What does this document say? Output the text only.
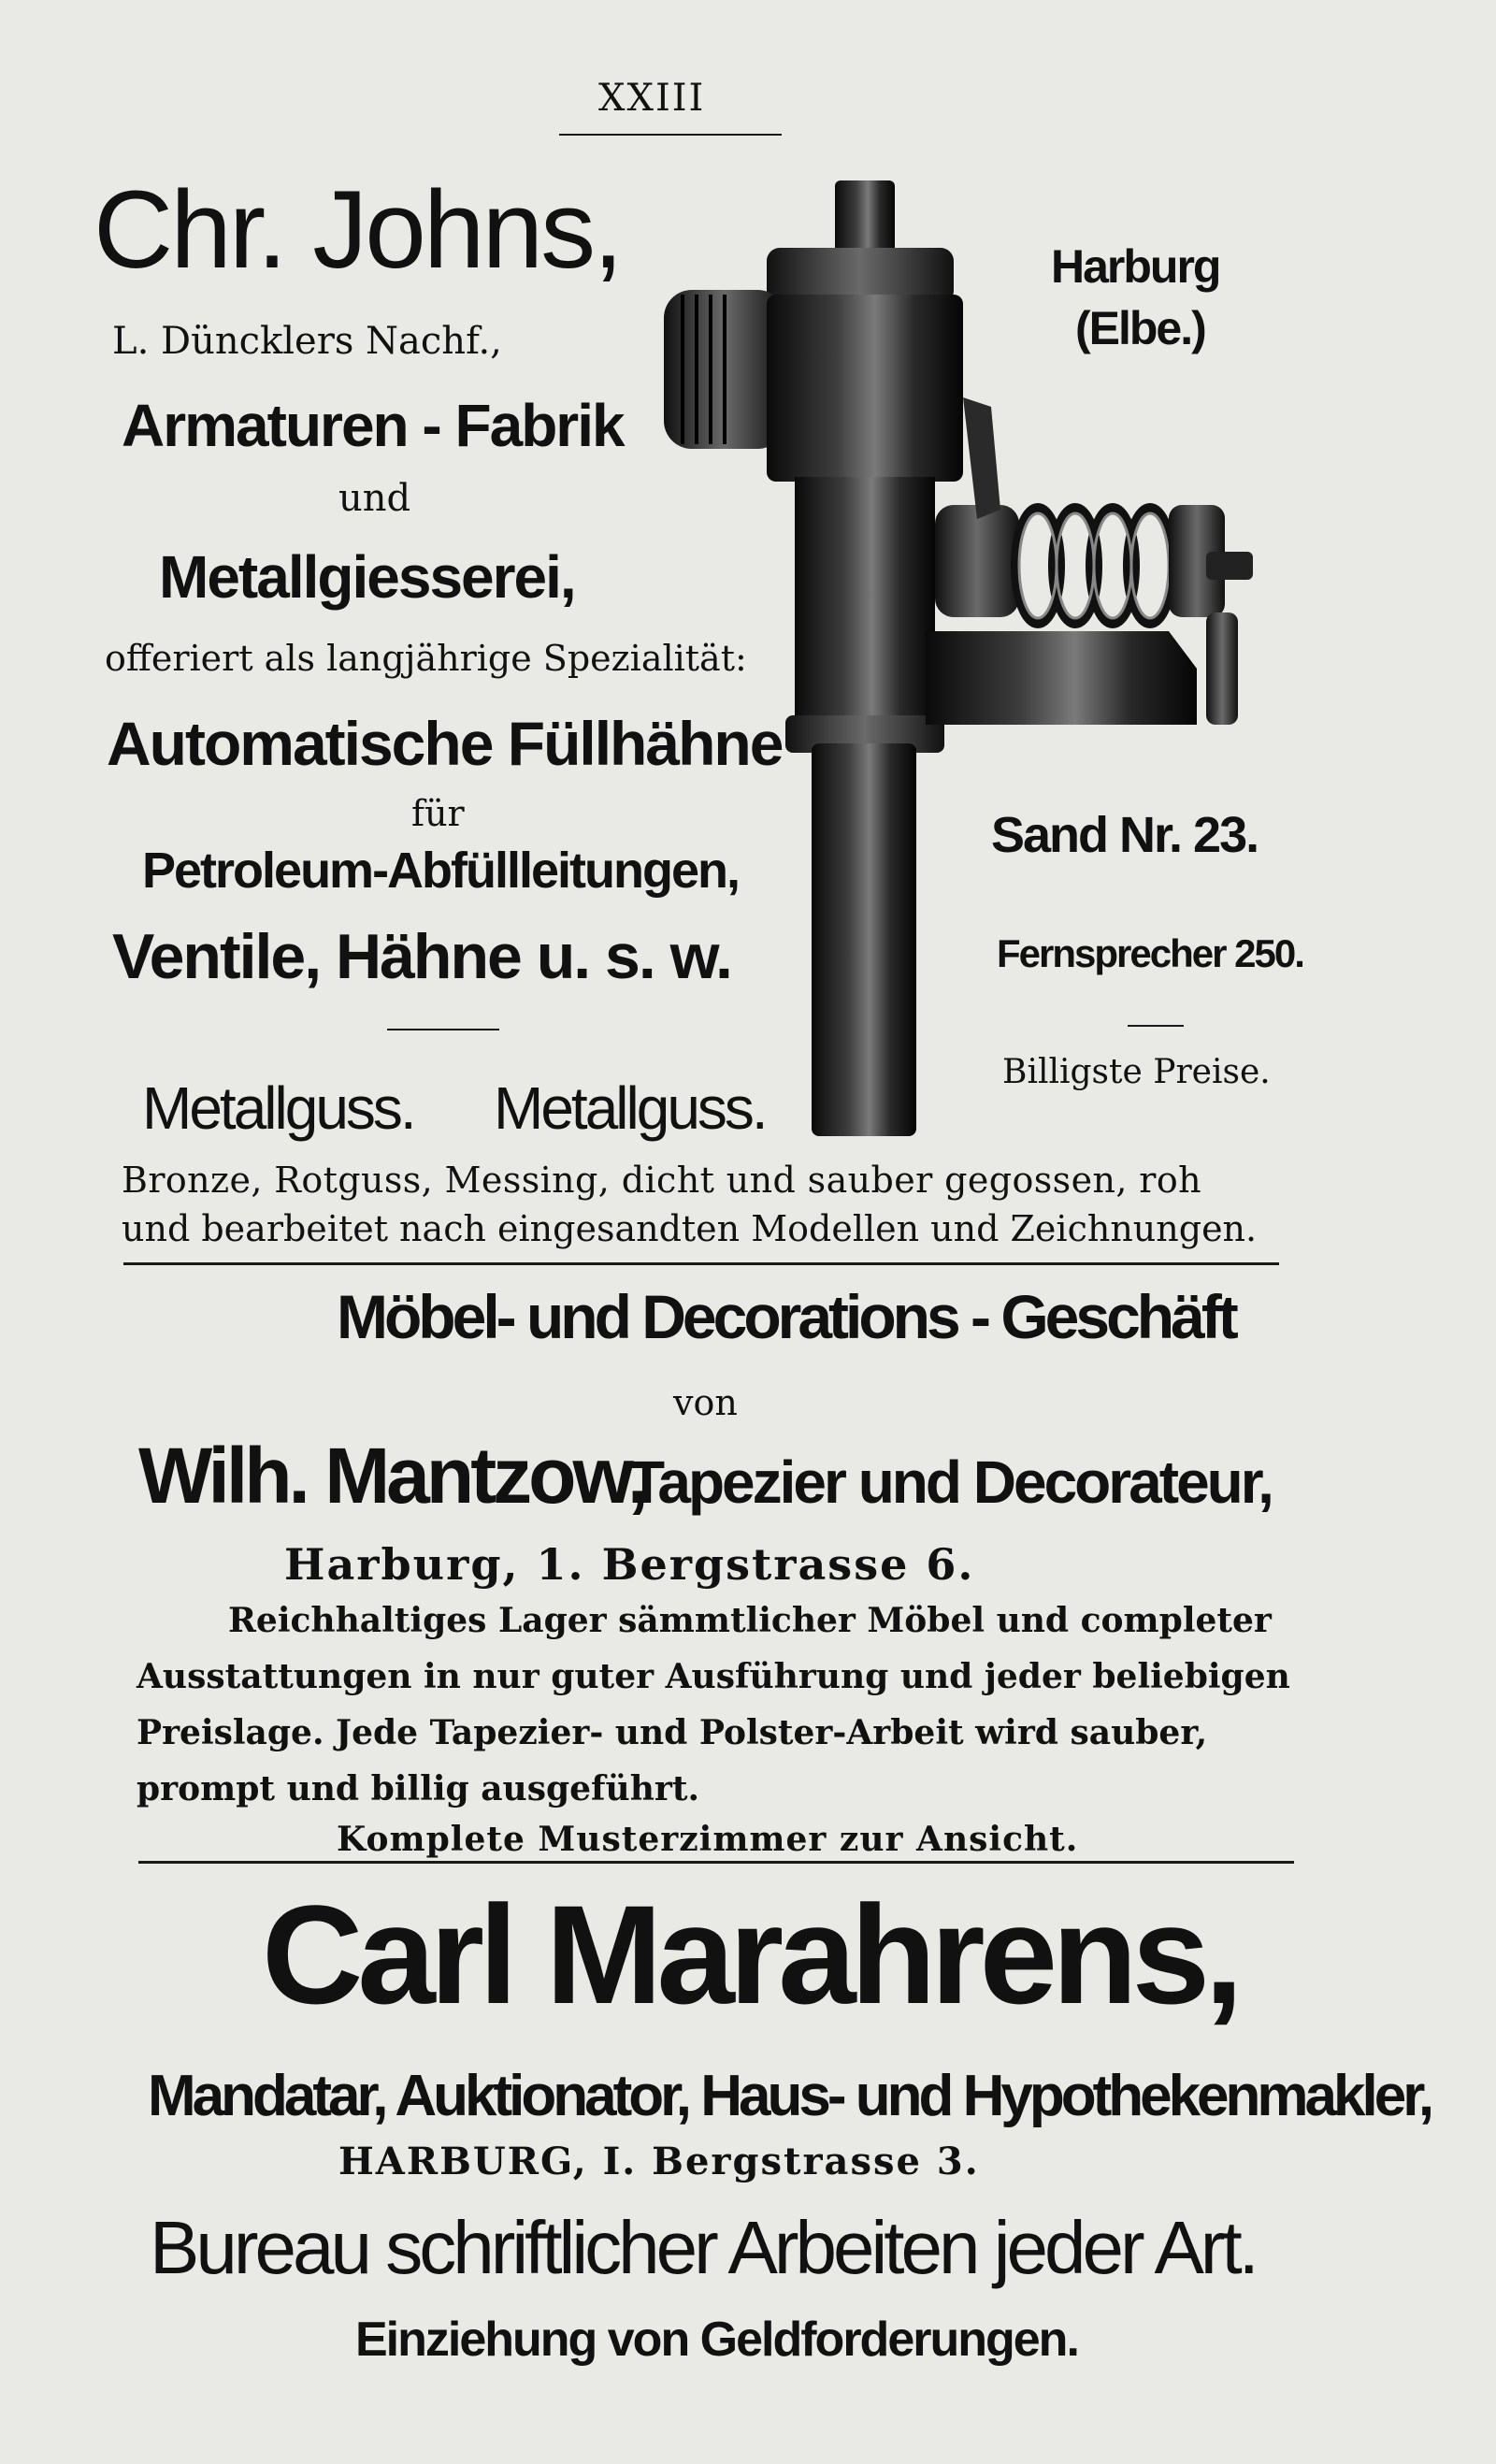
XXIII
Chr. Johns,
L. Düncklers Nachf.,
Armaturen - Fabrik
und
Metallgiesserei,
offeriert als langjährige Spezialität:
Automatische Füllhähne
für
Petroleum-Abfüllleitungen,
Ventile, Hähne u. s. w.
Harburg
(Elbe.)
Sand Nr. 23.
Fernsprecher 250.
Billigste Preise.
Metallguss. Metallguss.
Bronze, Rotguss, Messing, dicht und sauber gegossen, roh
und bearbeitet nach eingesandten Modellen und Zeichnungen.
Möbel- und Decorations - Geschäft
von
Wilh. Mantzow,
Tapezier und Decorateur,
Harburg, 1. Bergstrasse 6.
Reichhaltiges Lager sämmtlicher Möbel und completer
Ausstattungen in nur guter Ausführung und jeder beliebigen
Preislage. Jede Tapezier- und Polster-Arbeit wird sauber,
prompt und billig ausgeführt.
Komplete Musterzimmer zur Ansicht.
Carl Marahrens,
Mandatar, Auktionator, Haus- und Hypothekenmakler,
HARBURG, I. Bergstrasse 3.
Bureau schriftlicher Arbeiten jeder Art.
Einziehung von Geldforderungen.
